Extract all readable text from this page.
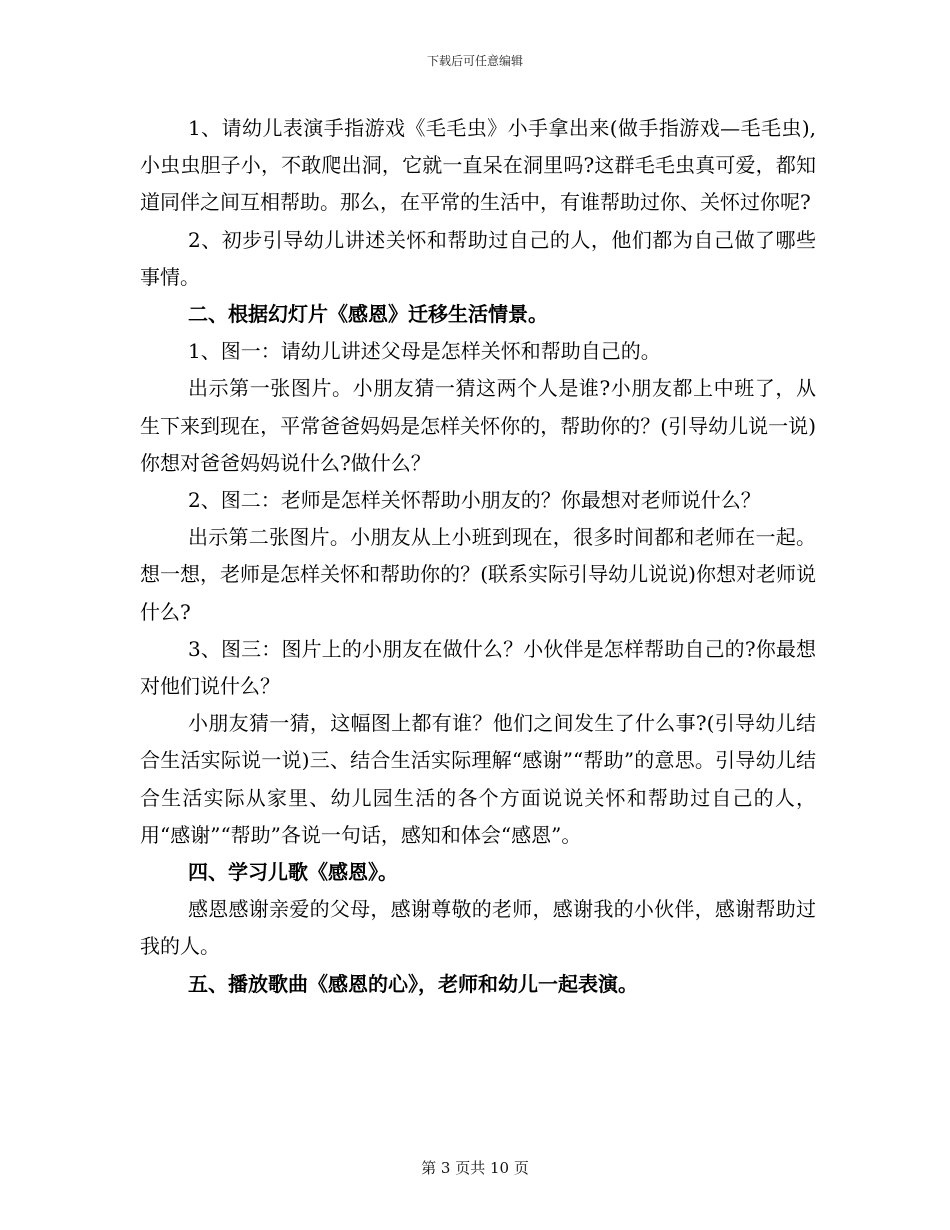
下载后可任意编辑

1、请幼儿表演手指游戏《毛毛虫》小手拿出来(做手指游戏—毛毛虫),小虫虫胆子小，不敢爬出洞，它就一直呆在洞里吗?这群毛毛虫真可爱，都知道同伴之间互相帮助。那么，在平常的生活中，有谁帮助过你、关怀过你呢?

2、初步引导幼儿讲述关怀和帮助过自己的人，他们都为自己做了哪些事情。

二、根据幻灯片《感恩》迁移生活情景。

1、图一：请幼儿讲述父母是怎样关怀和帮助自己的。

出示第一张图片。小朋友猜一猜这两个人是谁?小朋友都上中班了，从生下来到现在，平常爸爸妈妈是怎样关怀你的，帮助你的？(引导幼儿说一说)你想对爸爸妈妈说什么?做什么？

2、图二：老师是怎样关怀帮助小朋友的？你最想对老师说什么？

出示第二张图片。小朋友从上小班到现在，很多时间都和老师在一起。想一想，老师是怎样关怀和帮助你的？(联系实际引导幼儿说说)你想对老师说什么?

3、图三：图片上的小朋友在做什么？小伙伴是怎样帮助自己的?你最想对他们说什么？

小朋友猜一猜，这幅图上都有谁？他们之间发生了什么事?(引导幼儿结合生活实际说一说)三、结合生活实际理解“感谢”“帮助”的意思。引导幼儿结合生活实际从家里、幼儿园生活的各个方面说说关怀和帮助过自己的人，用“感谢”“帮助”各说一句话，感知和体会“感恩”。

四、学习儿歌《感恩》。

感恩感谢亲爱的父母，感谢尊敬的老师，感谢我的小伙伴，感谢帮助过我的人。

五、播放歌曲《感恩的心》，老师和幼儿一起表演。

第 3 页共 10 页
